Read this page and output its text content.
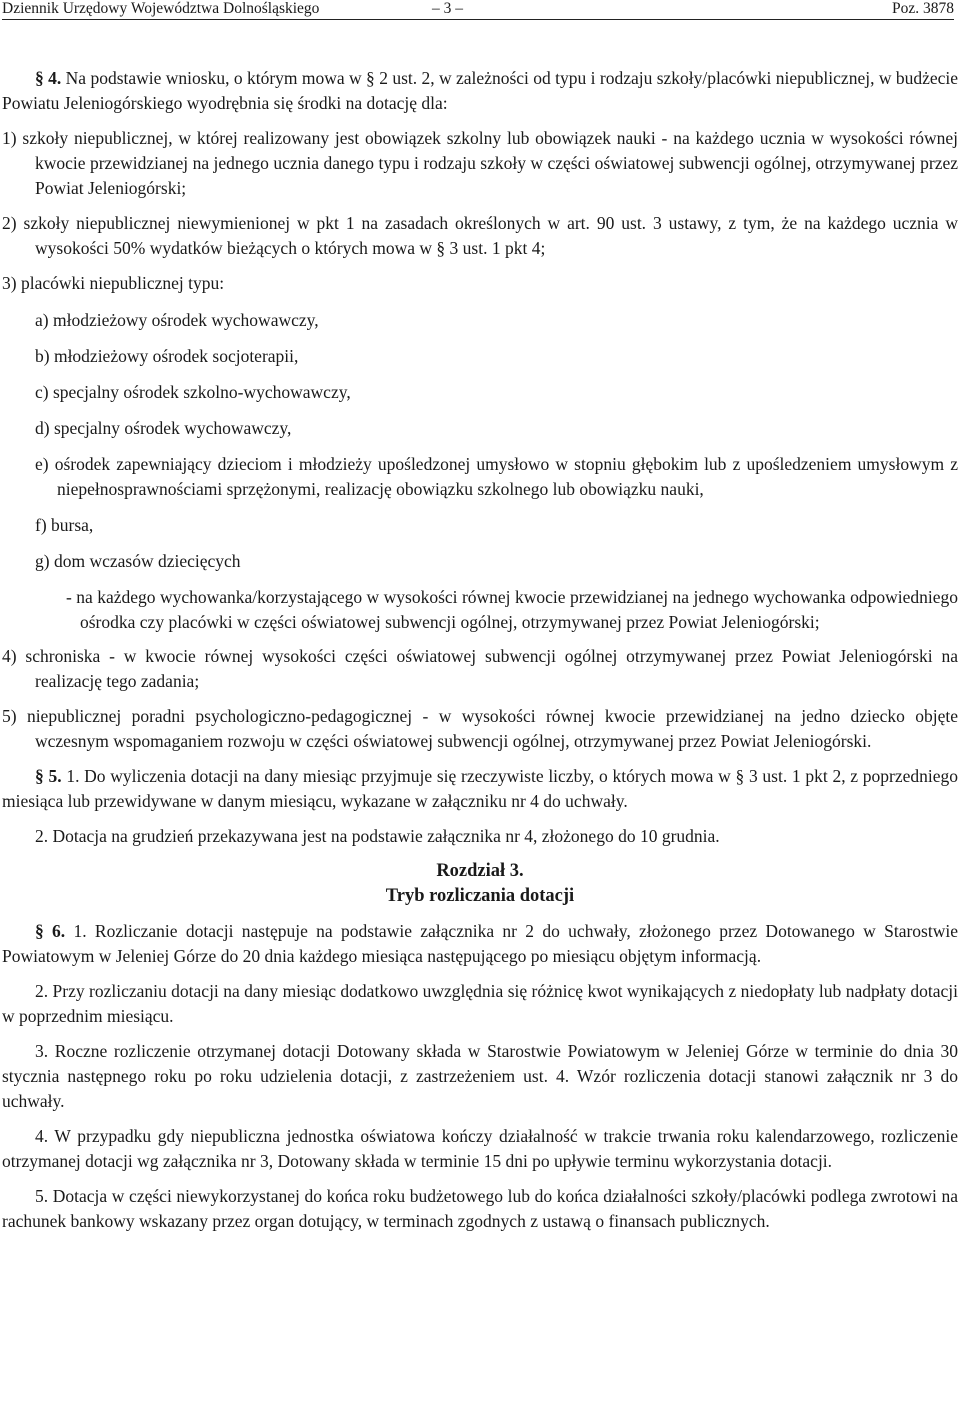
Dziennik Urzędowy Województwa Dolnośląskiego	– 3 –	Poz. 3878

§ 4. Na podstawie wniosku, o którym mowa w § 2 ust. 2, w zależności od typu i rodzaju szkoły/placówki niepublicznej, w budżecie Powiatu Jeleniogórskiego wyodrębnia się środki na dotację dla:

1) szkoły niepublicznej, w której realizowany jest obowiązek szkolny lub obowiązek nauki - na każdego ucznia w wysokości równej kwocie przewidzianej na jednego ucznia danego typu i rodzaju szkoły w części oświatowej subwencji ogólnej, otrzymywanej przez Powiat Jeleniogórski;

2) szkoły niepublicznej niewymienionej w pkt 1 na zasadach określonych w art. 90 ust. 3 ustawy, z tym, że na każdego ucznia w wysokości 50% wydatków bieżących o których mowa w § 3 ust. 1 pkt 4;

3) placówki niepublicznej typu:

a) młodzieżowy ośrodek wychowawczy,

b) młodzieżowy ośrodek socjoterapii,

c) specjalny ośrodek szkolno-wychowawczy,

d) specjalny ośrodek wychowawczy,

e) ośrodek zapewniający dzieciom i młodzieży upośledzonej umysłowo w stopniu głębokim lub z upośledzeniem umysłowym z niepełnosprawnościami sprzężonymi, realizację obowiązku szkolnego lub obowiązku nauki,

f) bursa,

g) dom wczasów dziecięcych

- na każdego wychowanka/korzystającego w wysokości równej kwocie przewidzianej na jednego wychowanka odpowiedniego ośrodka czy placówki w części oświatowej subwencji ogólnej, otrzymywanej przez Powiat Jeleniogórski;

4) schroniska - w kwocie równej wysokości części oświatowej subwencji ogólnej otrzymywanej przez Powiat Jeleniogórski na realizację tego zadania;

5) niepublicznej poradni psychologiczno-pedagogicznej - w wysokości równej kwocie przewidzianej na jedno dziecko objęte wczesnym wspomaganiem rozwoju w części oświatowej subwencji ogólnej, otrzymywanej przez Powiat Jeleniogórski.

§ 5. 1. Do wyliczenia dotacji na dany miesiąc przyjmuje się rzeczywiste liczby, o których mowa w § 3 ust. 1 pkt 2, z poprzedniego miesiąca lub przewidywane w danym miesiącu, wykazane w załączniku nr 4 do uchwały.

2. Dotacja na grudzień przekazywana jest na podstawie załącznika nr 4, złożonego do 10 grudnia.

Rozdział 3.
Tryb rozliczania dotacji

§ 6. 1. Rozliczanie dotacji następuje na podstawie załącznika nr 2 do uchwały, złożonego przez Dotowanego w Starostwie Powiatowym w Jeleniej Górze do 20 dnia każdego miesiąca następującego po miesiącu objętym informacją.

2. Przy rozliczaniu dotacji na dany miesiąc dodatkowo uwzględnia się różnicę kwot wynikających z niedopłaty lub nadpłaty dotacji w poprzednim miesiącu.

3. Roczne rozliczenie otrzymanej dotacji Dotowany składa w Starostwie Powiatowym w Jeleniej Górze w terminie do dnia 30 stycznia następnego roku po roku udzielenia dotacji, z zastrzeżeniem ust. 4. Wzór rozliczenia dotacji stanowi załącznik nr 3 do uchwały.

4. W przypadku gdy niepubliczna jednostka oświatowa kończy działalność w trakcie trwania roku kalendarzowego, rozliczenie otrzymanej dotacji wg załącznika nr 3, Dotowany składa w terminie 15 dni po upływie terminu wykorzystania dotacji.

5. Dotacja w części niewykorzystanej do końca roku budżetowego lub do końca działalności szkoły/placówki podlega zwrotowi na rachunek bankowy wskazany przez organ dotujący, w terminach zgodnych z ustawą o finansach publicznych.
